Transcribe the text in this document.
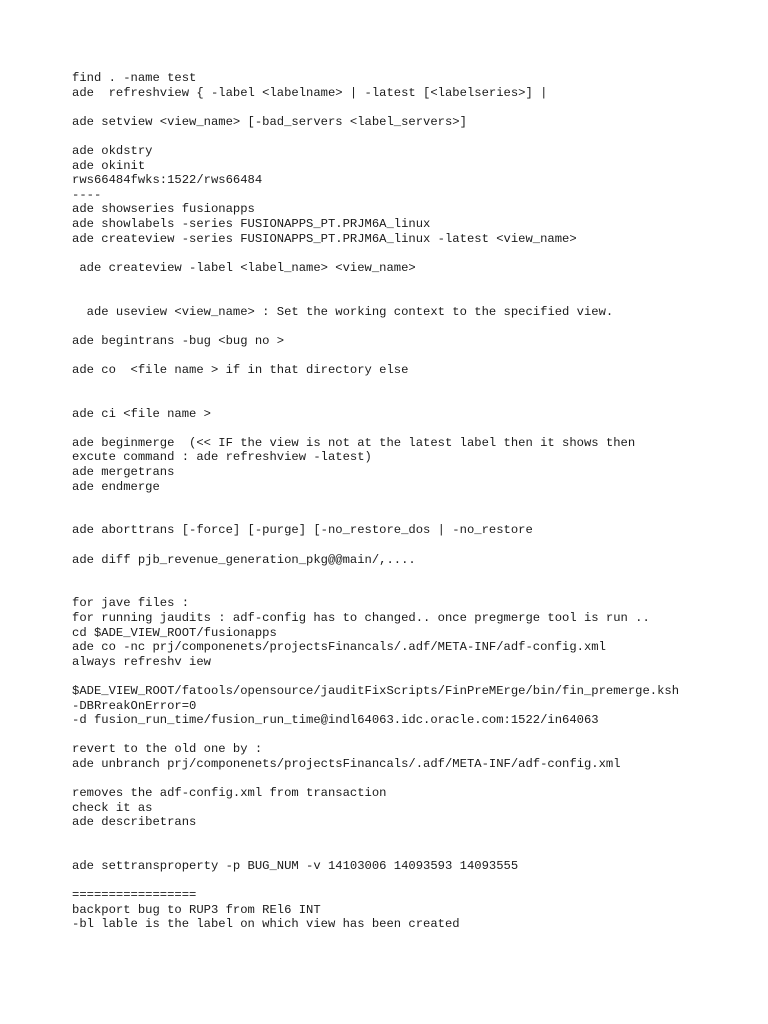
find . -name test
ade  refreshview { -label <labelname> | -latest [<labelseries>] |
ade setview <view_name> [-bad_servers <label_servers>]
ade okdstry
ade okinit
rws66484fwks:1522/rws66484
----
ade showseries fusionapps
ade showlabels -series FUSIONAPPS_PT.PRJM6A_linux
ade createview -series FUSIONAPPS_PT.PRJM6A_linux -latest <view_name>
ade createview -label <label_name> <view_name>
ade useview <view_name> : Set the working context to the specified view.
ade begintrans -bug <bug no >
ade co  <file name > if in that directory else
ade ci <file name >
ade beginmerge  (<< IF the view is not at the latest label then it shows then
excute command : ade refreshview -latest)
ade mergetrans
ade endmerge
ade aborttrans [-force] [-purge] [-no_restore_dos | -no_restore
ade diff pjb_revenue_generation_pkg@@main/,....
for jave files :
for running jaudits : adf-config has to changed.. once pregmerge tool is run ..
cd $ADE_VIEW_ROOT/fusionapps
ade co -nc prj/componenets/projectsFinancals/.adf/META-INF/adf-config.xml
always refreshv iew
$ADE_VIEW_ROOT/fatools/opensource/jauditFixScripts/FinPreMErge/bin/fin_premerge.ksh
-DBRreakOnError=0
-d fusion_run_time/fusion_run_time@indl64063.idc.oracle.com:1522/in64063
revert to the old one by :
ade unbranch prj/componenets/projectsFinancals/.adf/META-INF/adf-config.xml
removes the adf-config.xml from transaction
check it as
ade describetrans
ade settransproperty -p BUG_NUM -v 14103006 14093593 14093555
=================
backport bug to RUP3 from REl6 INT
-bl lable is the label on which view has been created
